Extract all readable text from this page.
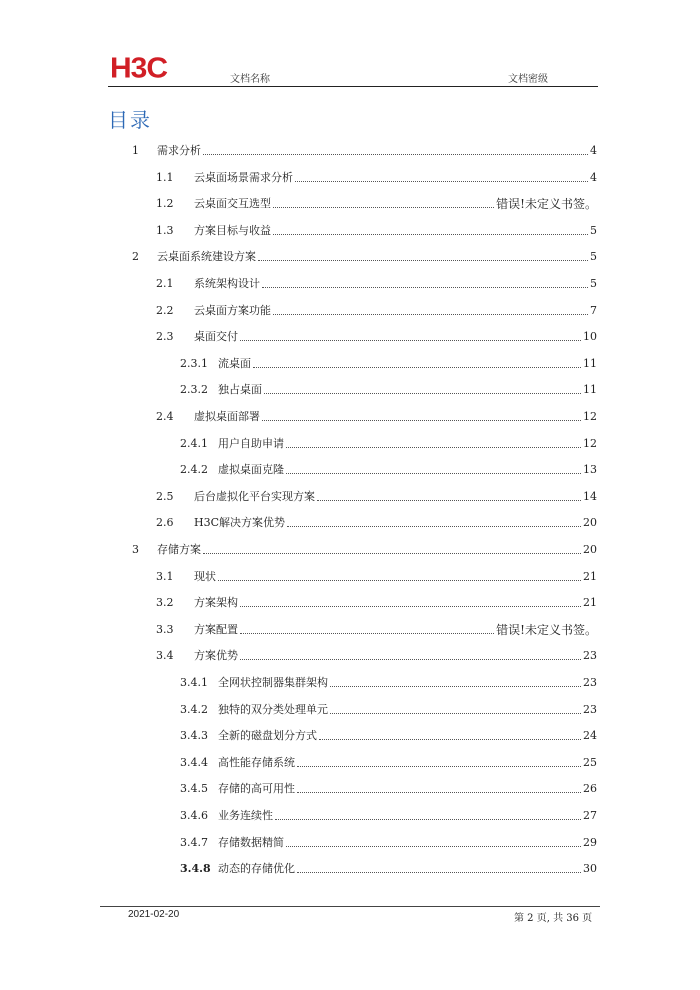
H3C	文档名称	文档密级
目录
1	需求分析	4
1.1	云桌面场景需求分析	4
1.2	云桌面交互选型	错误!未定义书签。
1.3	方案目标与收益	5
2	云桌面系统建设方案	5
2.1	系统架构设计	5
2.2	云桌面方案功能	7
2.3	桌面交付	10
2.3.1 流桌面	11
2.3.2 独占桌面	11
2.4	虚拟桌面部署	12
2.4.1 用户自助申请	12
2.4.2 虚拟桌面克隆	13
2.5	后台虚拟化平台实现方案	14
2.6	H3C解决方案优势	20
3	存储方案	20
3.1	现状	21
3.2	方案架构	21
3.3	方案配置	错误!未定义书签。
3.4	方案优势	23
3.4.1 全网状控制器集群架构	23
3.4.2 独特的双分类处理单元	23
3.4.3 全新的磁盘划分方式	24
3.4.4 高性能存储系统	25
3.4.5 存储的高可用性	26
3.4.6 业务连续性	27
3.4.7 存储数据精简	29
3.4.8 动态的存储优化	30
2021-02-20	第 2 页, 共 36 页
